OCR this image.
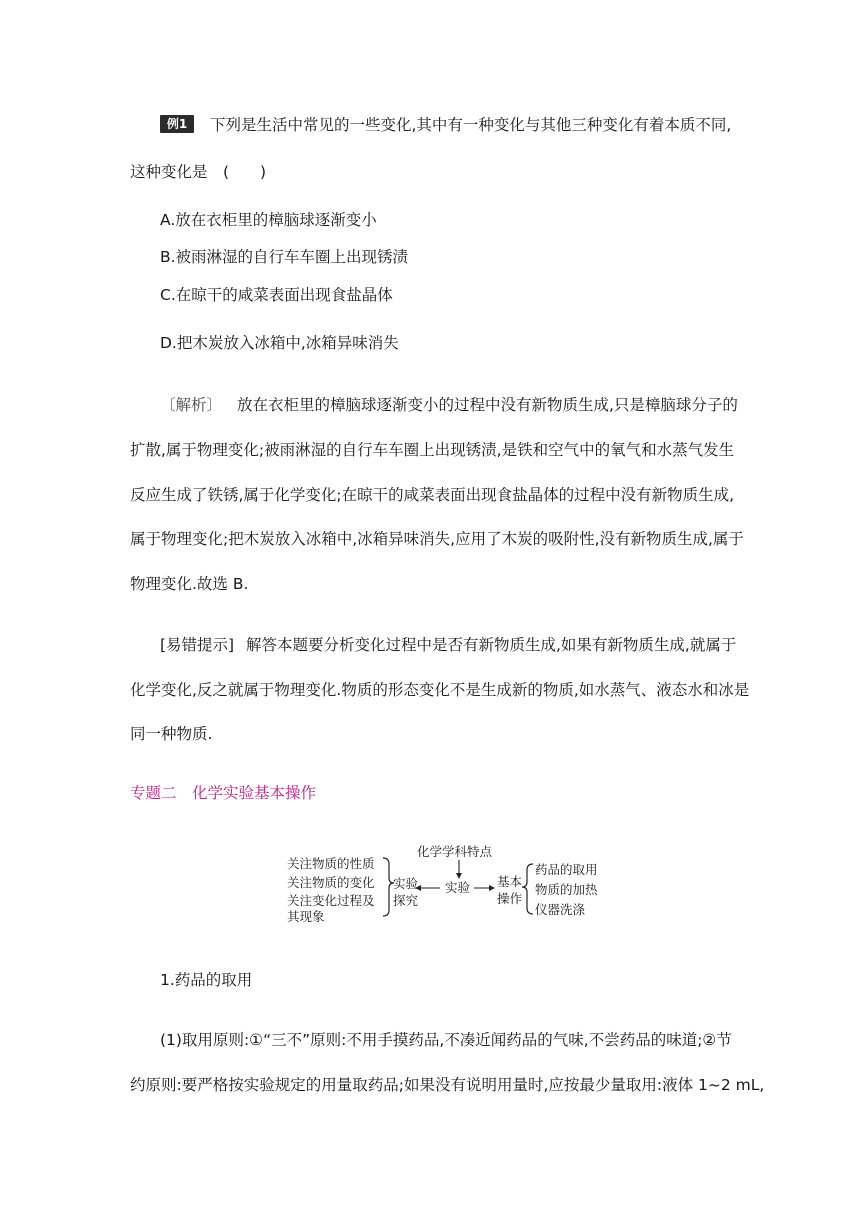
例1	下列是生活中常见的一些变化,其中有一种变化与其他三种变化有着本质不同,
这种变化是　(　　)
A.放在衣柜里的樟脑球逐渐变小
B.被雨淋湿的自行车车圈上出现锈渍
C.在晾干的咸菜表面出现食盐晶体
D.把木炭放入冰箱中,冰箱异味消失
〔解析〕 放在衣柜里的樟脑球逐渐变小的过程中没有新物质生成,只是樟脑球分子的
扩散,属于物理变化;被雨淋湿的自行车车圈上出现锈渍,是铁和空气中的氧气和水蒸气发生
反应生成了铁锈,属于化学变化;在晾干的咸菜表面出现食盐晶体的过程中没有新物质生成,
属于物理变化;把木炭放入冰箱中,冰箱异味消失,应用了木炭的吸附性,没有新物质生成,属于
物理变化.故选 B.
[易错提示] 解答本题要分析变化过程中是否有新物质生成,如果有新物质生成,就属于
化学变化,反之就属于物理变化.物质的形态变化不是生成新的物质,如水蒸气、液态水和冰是
同一种物质.
专题二　化学实验基本操作
关注物质的性质
关注物质的变化
关注变化过程及
其现象
实验
探究
化学学科特点
实验 基本
操作
药品的取用
物质的加热
仪器洗涤
1.药品的取用
(1)取用原则:①“三不”原则:不用手摸药品,不凑近闻药品的气味,不尝药品的味道;②节
约原则:要严格按实验规定的用量取药品;如果没有说明用量时,应按最少量取用:液体 1~2 mL,
